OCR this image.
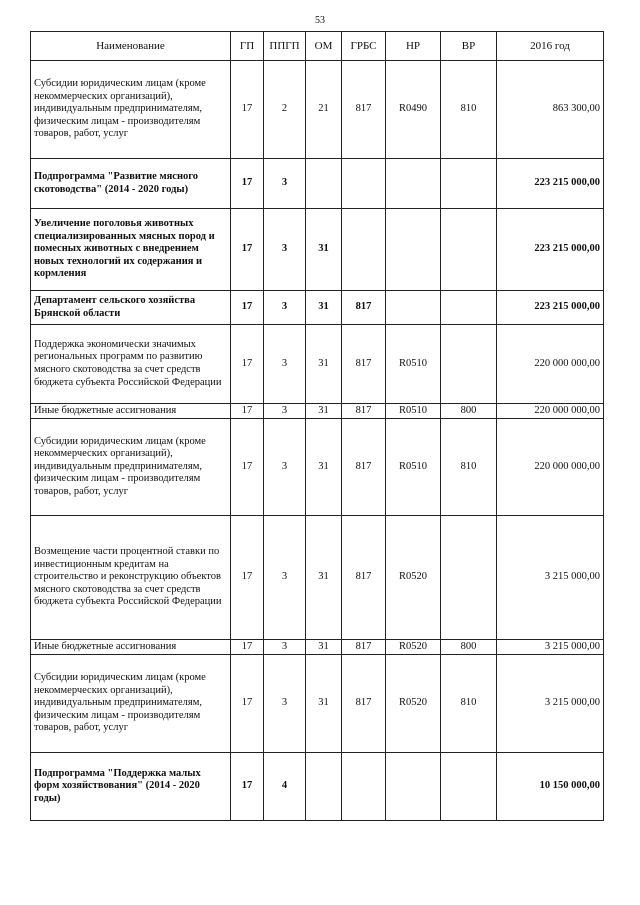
53
Наименование	ГП	ППГП	ОМ	ГРБС	НР	ВР	2016 год
Субсидии юридическим лицам (кроме некоммерческих организаций), индивидуальным предпринимателям, физическим лицам - производителям товаров, работ, услуг	17	2	21	817	R0490	810	863 300,00
Подпрограмма "Развитие мясного скотоводства" (2014 - 2020 годы)	17	3					223 215 000,00
Увеличение поголовья животных специализированных мясных пород и помесных животных с внедрением новых технологий их содержания и кормления	17	3	31				223 215 000,00
Департамент сельского хозяйства Брянской области	17	3	31	817			223 215 000,00
Поддержка экономически значимых региональных программ по развитию мясного скотоводства за счет средств бюджета субъекта Российской Федерации	17	3	31	817	R0510		220 000 000,00
Иные бюджетные ассигнования	17	3	31	817	R0510	800	220 000 000,00
Субсидии юридическим лицам (кроме некоммерческих организаций), индивидуальным предпринимателям, физическим лицам - производителям товаров, работ, услуг	17	3	31	817	R0510	810	220 000 000,00
Возмещение части процентной ставки по инвестиционным кредитам на строительство и реконструкцию объектов мясного скотоводства за счет средств бюджета субъекта Российской Федерации	17	3	31	817	R0520		3 215 000,00
Иные бюджетные ассигнования	17	3	31	817	R0520	800	3 215 000,00
Субсидии юридическим лицам (кроме некоммерческих организаций), индивидуальным предпринимателям, физическим лицам - производителям товаров, работ, услуг	17	3	31	817	R0520	810	3 215 000,00
Подпрограмма "Поддержка малых форм хозяйствования" (2014 - 2020 годы)	17	4					10 150 000,00
